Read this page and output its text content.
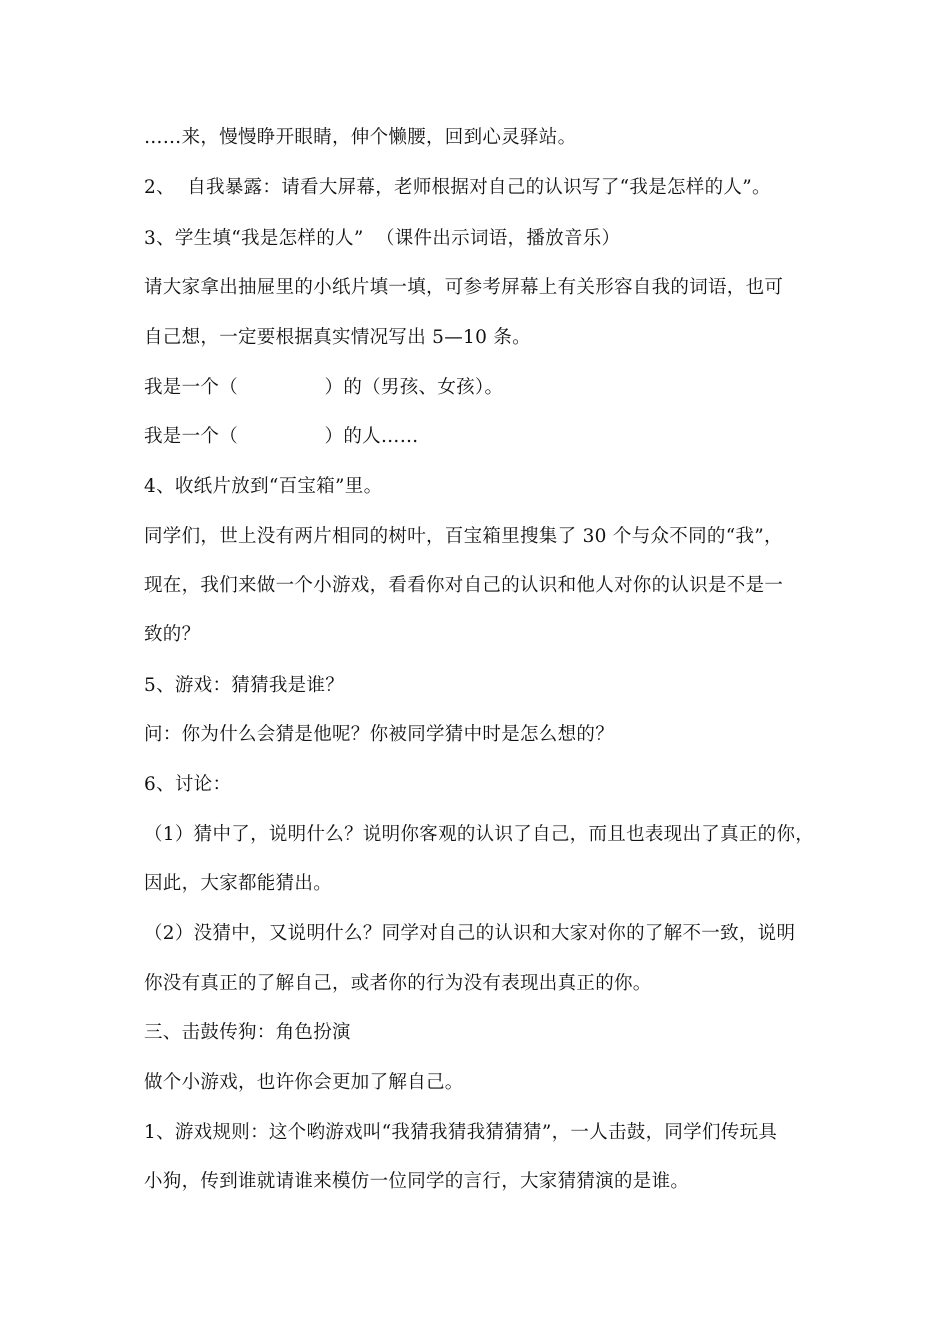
……来，慢慢睁开眼睛，伸个懒腰，回到心灵驿站。
2、  自我暴露：请看大屏幕，老师根据对自己的认识写了“我是怎样的人”。
3、学生填“我是怎样的人”  （课件出示词语，播放音乐）
请大家拿出抽屉里的小纸片填一填，可参考屏幕上有关形容自我的词语，也可
自己想，一定要根据真实情况写出 5—10 条。
我是一个（              ）的（男孩、女孩）。
我是一个（              ）的人……
4、收纸片放到“百宝箱”里。
同学们，世上没有两片相同的树叶，百宝箱里搜集了 30 个与众不同的“我”，
现在，我们来做一个小游戏，看看你对自己的认识和他人对你的认识是不是一
致的？
5、游戏：猜猜我是谁？
问：你为什么会猜是他呢？你被同学猜中时是怎么想的？
6、讨论：
（1）猜中了，说明什么？说明你客观的认识了自己，而且也表现出了真正的你，
因此，大家都能猜出。
（2）没猜中，又说明什么？同学对自己的认识和大家对你的了解不一致，说明
你没有真正的了解自己，或者你的行为没有表现出真正的你。
三、击鼓传狗：角色扮演
做个小游戏，也许你会更加了解自己。
1、游戏规则：这个哟游戏叫“我猜我猜我猜猜猜”，一人击鼓，同学们传玩具
小狗，传到谁就请谁来模仿一位同学的言行，大家猜猜演的是谁。
